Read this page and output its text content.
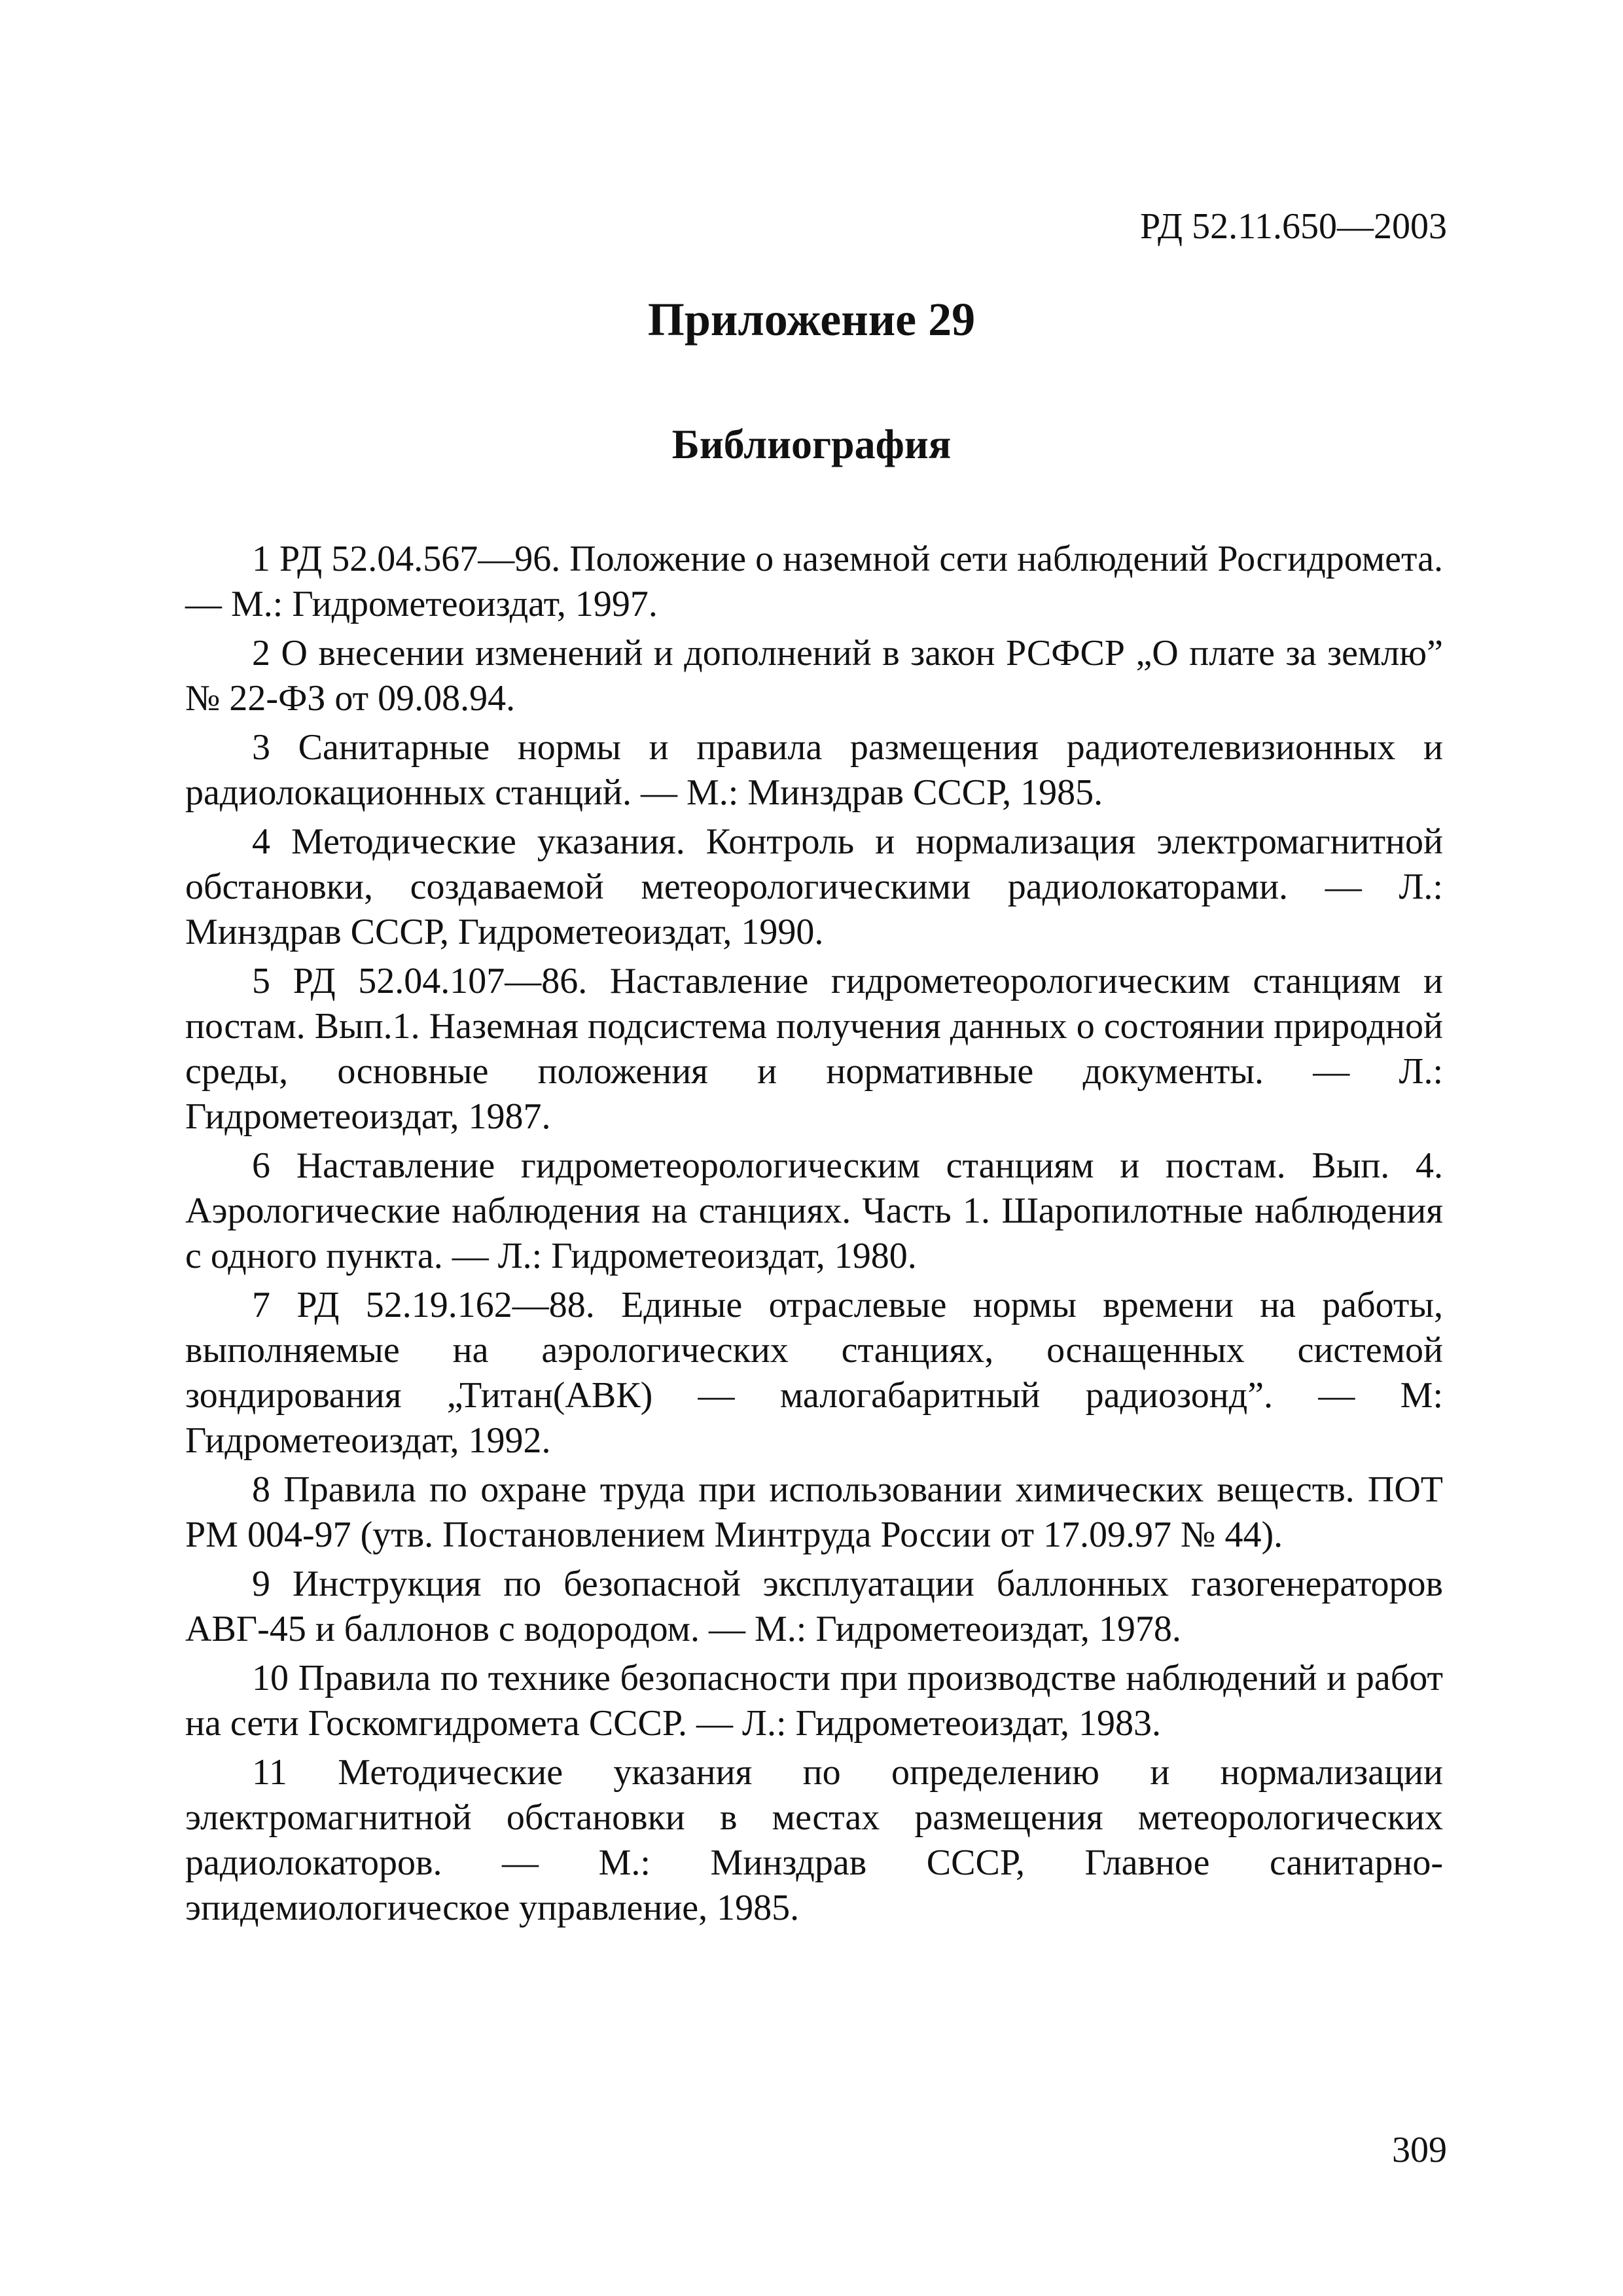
РД 52.11.650—2003
Приложение 29
Библиография

1 РД 52.04.567—96. Положение о наземной сети наблюдений Росгидромета. — М.: Гидрометеоиздат, 1997.

2 О внесении изменений и дополнений в закон РСФСР „О плате за землю” № 22-ФЗ от 09.08.94.

3 Санитарные нормы и правила размещения радиотелевизионных и радиолокационных станций. — М.: Минздрав СССР, 1985.

4 Методические указания. Контроль и нормализация электромагнитной обстановки, создаваемой метеорологическими радиолокаторами. — Л.: Минздрав СССР, Гидрометеоиздат, 1990.

5 РД 52.04.107—86. Наставление гидрометеорологическим станциям и постам. Вып.1. Наземная подсистема получения данных о состоянии природной среды, основные положения и нормативные документы. — Л.: Гидрометеоиздат, 1987.

6 Наставление гидрометеорологическим станциям и постам. Вып. 4. Аэрологические наблюдения на станциях. Часть 1. Шаропилотные наблюдения с одного пункта. — Л.: Гидрометеоиздат, 1980.

7 РД 52.19.162—88. Единые отраслевые нормы времени на работы, выполняемые на аэрологических станциях, оснащенных системой зондирования „Титан(АВК) — малогабаритный радиозонд”. — М: Гидрометеоиздат, 1992.

8 Правила по охране труда при использовании химических веществ. ПОТ РМ 004-97 (утв. Постановлением Минтруда России от 17.09.97 № 44).

9 Инструкция по безопасной эксплуатации баллонных газогенераторов АВГ-45 и баллонов с водородом. — М.: Гидрометеоиздат, 1978.

10 Правила по технике безопасности при производстве наблюдений и работ на сети Госкомгидромета СССР. — Л.: Гидрометеоиздат, 1983.

11 Методические указания по определению и нормализации электромагнитной обстановки в местах размещения метеорологических радиолокаторов. — М.: Минздрав СССР, Главное санитарно-эпидемиологическое управление, 1985.

309
